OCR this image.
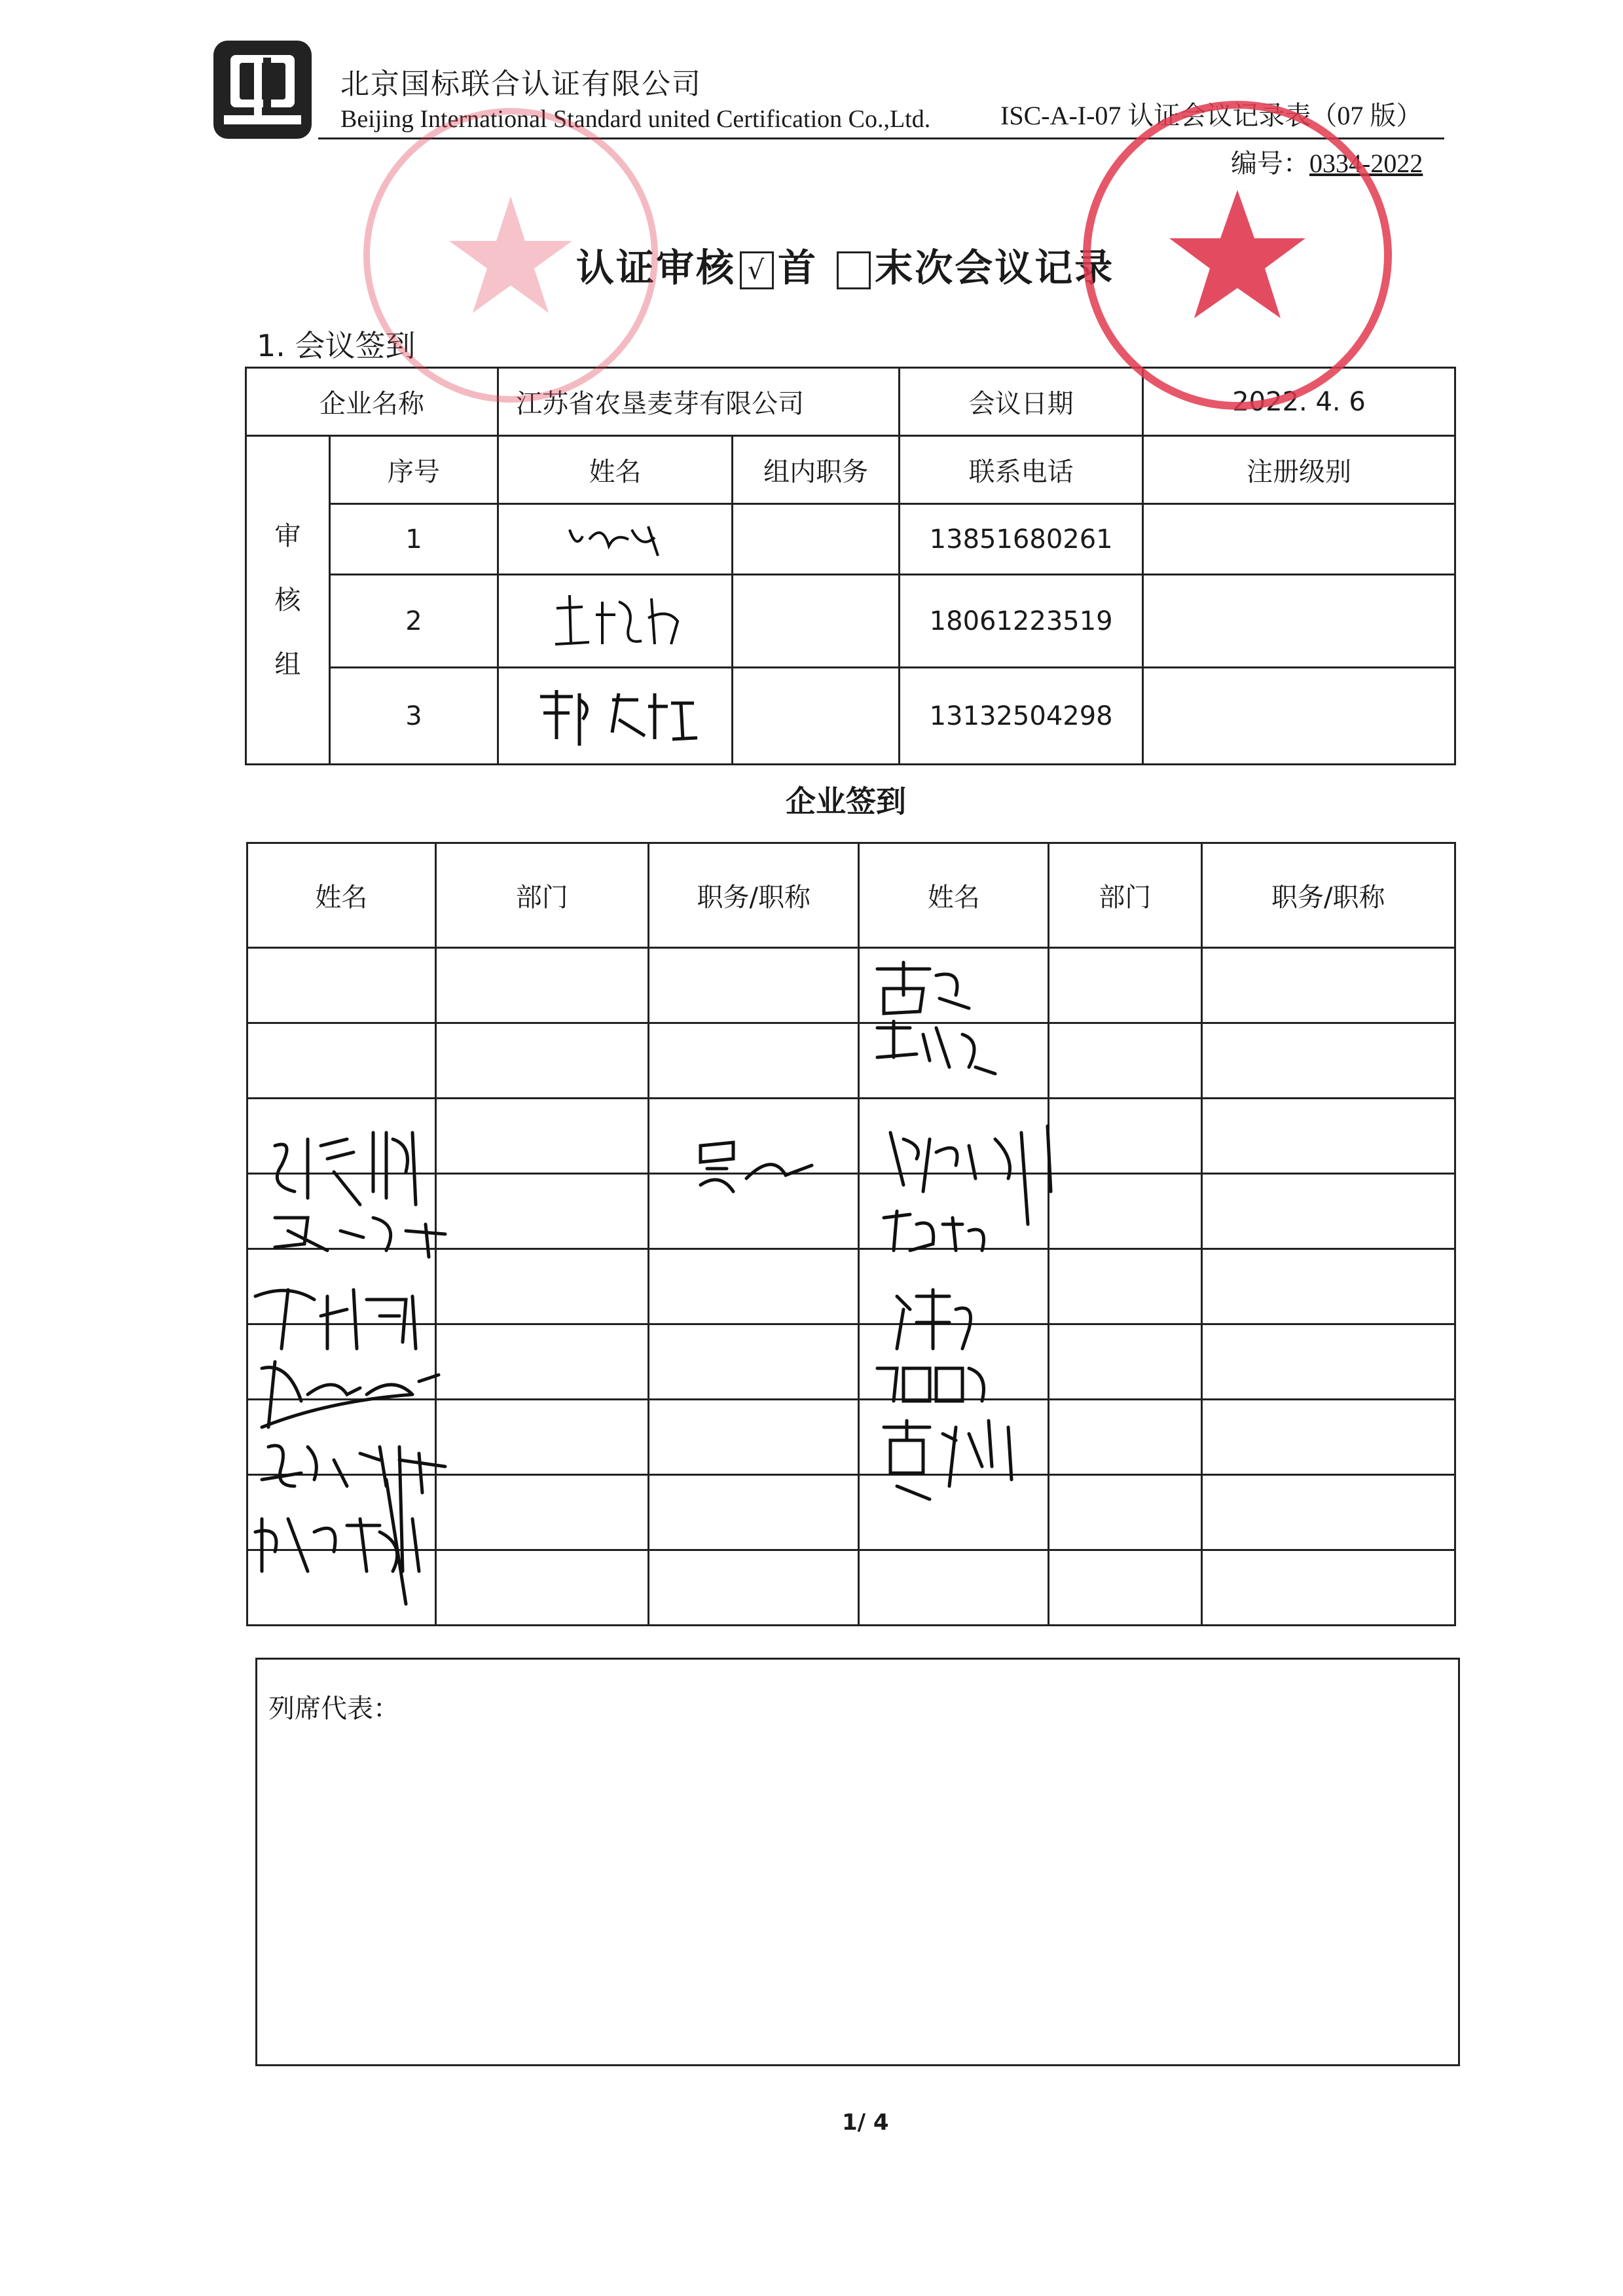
北京国标联合认证有限公司
Beijing International Standard united Certification Co.,Ltd.	ISC-A-I-07 认证会议记录表（07 版）
编号：0334-2022
认证审核 √ 首 末次会议记录
1. 会议签到
企业名称		江苏省农垦麦芽有限公司		会议日期	2022. 4. 6

审
核
组	序号	姓名	组内职务	联系电话	注册级别
	1			13851680261	
	2			18061223519	
	3			13132504298	
企业签到
姓名	部门	职务/职称	姓名	部门	职务/职称

列席代表：
1/ 4
